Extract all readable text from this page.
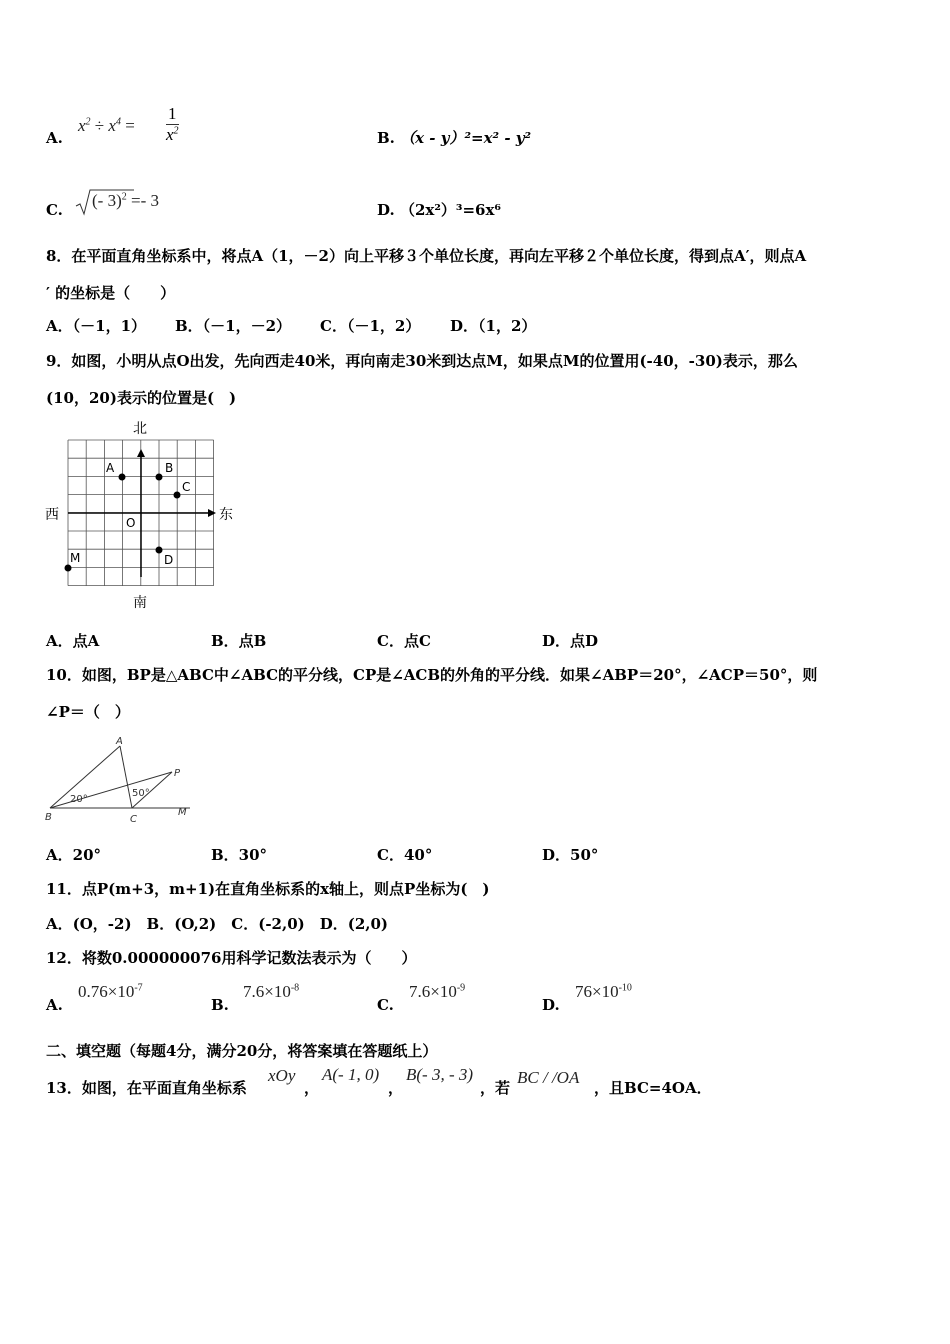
A.
$x^2 \div x^4 = \frac{1}{x^2}$	B. （x - y）²=x² - y²
C. (- 3)$^2$ =- 3	D. （2x²）³=6x⁶
8．在平面直角坐标系中，将点A（1，－2）向上平移３个单位长度，再向左平移２个单位长度，得到点A′，则点A
′ 的坐标是（　　）
A．（－1，1） B．（－1，－2） C．（－1，2） D．（1，2）
9．如图，小明从点O出发，先向西走40米，再向南走30米到达点M，如果点M的位置用(-40，-30)表示，那么
(10，20)表示的位置是(　)
北
南
西	东
A	B
C
D
O
M
A．点A	B．点B	C．点C	D．点D
10．如图，BP是△ABC中∠ABC的平分线，CP是∠ACB的外角的平分线．如果∠ABP＝20°，∠ACP＝50°，则
∠P＝（　）
A
B	C
P
M
20°
50°
A．20°	B．30°	C．40°	D．50°
11．点P(m+3，m+1)在直角坐标系的x轴上，则点P坐标为(　)
A．(O，-2)　B．(O,2)　C．(-2,0)　D．(2,0)
12．将数0.000000076用科学记数法表示为（　　）
A.
$0.76\times 10^{-7}$
B.
$7.6\times 10^{-8}$
C.
$7.6\times 10^{-9}$
D.
$76\times 10^{-10}$
二、填空题（每题4分，满分20分，将答案填在答题纸上）
13．如图，在平面直角坐标系
xOy
，
A(- 1, 0)
，
B(- 3, - 3)
，若
BC / /OA
，且BC=4OA．
